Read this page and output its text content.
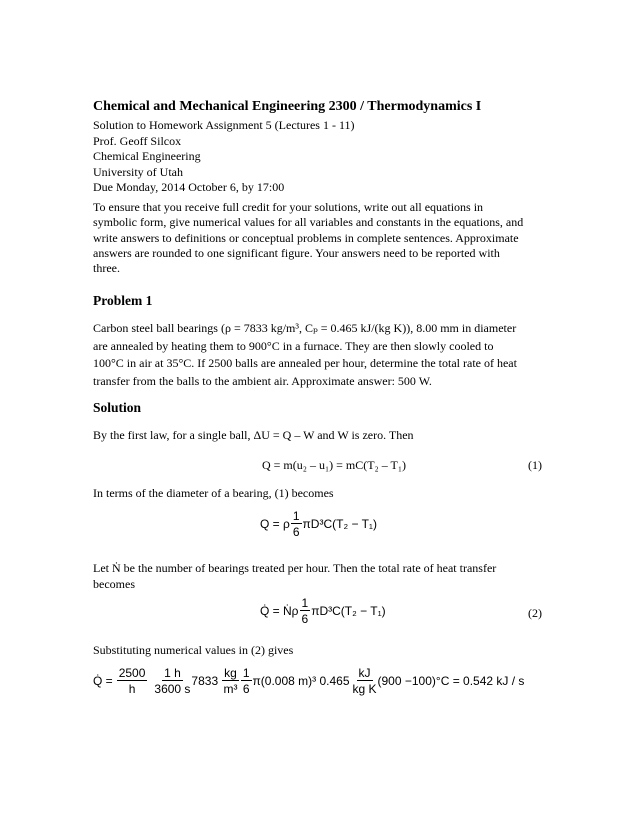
Chemical and Mechanical Engineering 2300 / Thermodynamics I
Solution to Homework Assignment 5 (Lectures 1 - 11)
Prof. Geoff Silcox
Chemical Engineering
University of Utah
Due Monday, 2014 October 6, by 17:00
To ensure that you receive full credit for your solutions, write out all equations in
symbolic form, give numerical values for all variables and constants in the equations, and
write answers to definitions or conceptual problems in complete sentences. Approximate
answers are rounded to one significant figure. Your answers need to be reported with
three.
Problem 1
Carbon steel ball bearings (ρ = 7833 kg/m³, Cₚ = 0.465 kJ/(kg K)), 8.00 mm in diameter
are annealed by heating them to 900°C in a furnace. They are then slowly cooled to
100°C in air at 35°C. If 2500 balls are annealed per hour, determine the total rate of heat
transfer from the balls to the ambient air. Approximate answer: 500 W.
Solution
By the first law, for a single ball, ΔU = Q – W and W is zero. Then
Q = m(u₂ – u₁) = mC(T₂ – T₁)	(1)
In terms of the diameter of a bearing, (1) becomes
Q = ρ $\frac{1}{6} \pi D^3C(T_2 - T_1)$
Let Ṅ be the number of bearings treated per hour. Then the total rate of heat transfer
becomes
Q̇ = Ṅρ $\frac{1}{6} \pi D^3C(T_2 - T_1)$	(2)
Substituting numerical values in (2) gives
Q̇ = $\frac{2500}{h} \frac{1 h}{3600 s} 7833 \frac{kg}{\text{m³}} \frac{1}{6} \pi(0.008$ m)³ $0.465 \frac{kJ}{\text{kg K}} (900 -100)^\circ C = 0.542$ kJ / s
